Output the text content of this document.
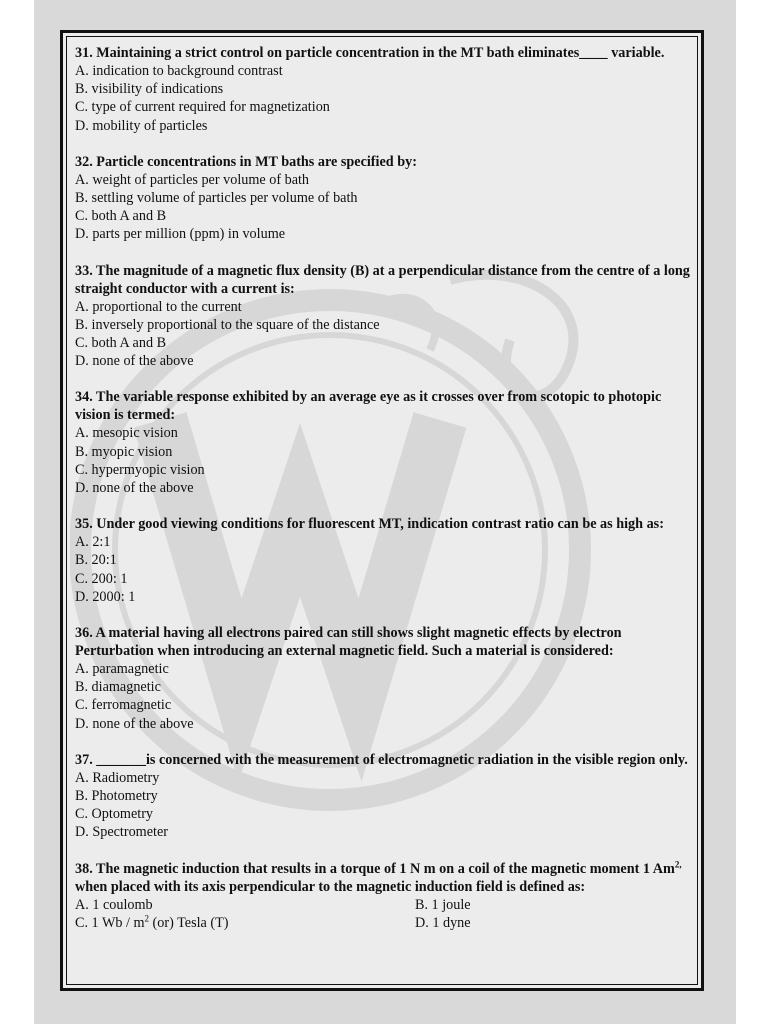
31. Maintaining a strict control on particle concentration in the MT bath eliminates____ variable.
A. indication to background contrast
B. visibility of indications
C. type of current required for magnetization
D. mobility of particles
32. Particle concentrations in MT baths are specified by:
A. weight of particles per volume of bath
B. settling volume of particles per volume of bath
C. both A and B
D. parts per million (ppm) in volume
33. The magnitude of a magnetic flux density (B) at a perpendicular distance from the centre of a long straight conductor with a current is:
A. proportional to the current
B. inversely proportional to the square of the distance
C. both A and B
D. none of the above
34. The variable response exhibited by an average eye as it crosses over from scotopic to photopic vision is termed:
A. mesopic vision
B. myopic vision
C. hypermyopic vision
D. none of the above
35. Under good viewing conditions for fluorescent MT, indication contrast ratio can be as high as:
A. 2:1
B. 20:1
C. 200: 1
D. 2000: 1
36. A material having all electrons paired can still shows slight magnetic effects by electron Perturbation when introducing an external magnetic field. Such a material is considered:
A. paramagnetic
B. diamagnetic
C. ferromagnetic
D. none of the above
37. _______is concerned with the measurement of electromagnetic radiation in the visible region only.
A. Radiometry
B. Photometry
C. Optometry
D. Spectrometer
38. The magnetic induction that results in a torque of 1 N m on a coil of the magnetic moment 1 $Am^{2,}$ when placed with its axis perpendicular to the magnetic induction field is defined as:
A. 1 coulomb	B. 1 joule
C. 1 Wb / $m^2$ (or) Tesla (T)	D. 1 dyne
